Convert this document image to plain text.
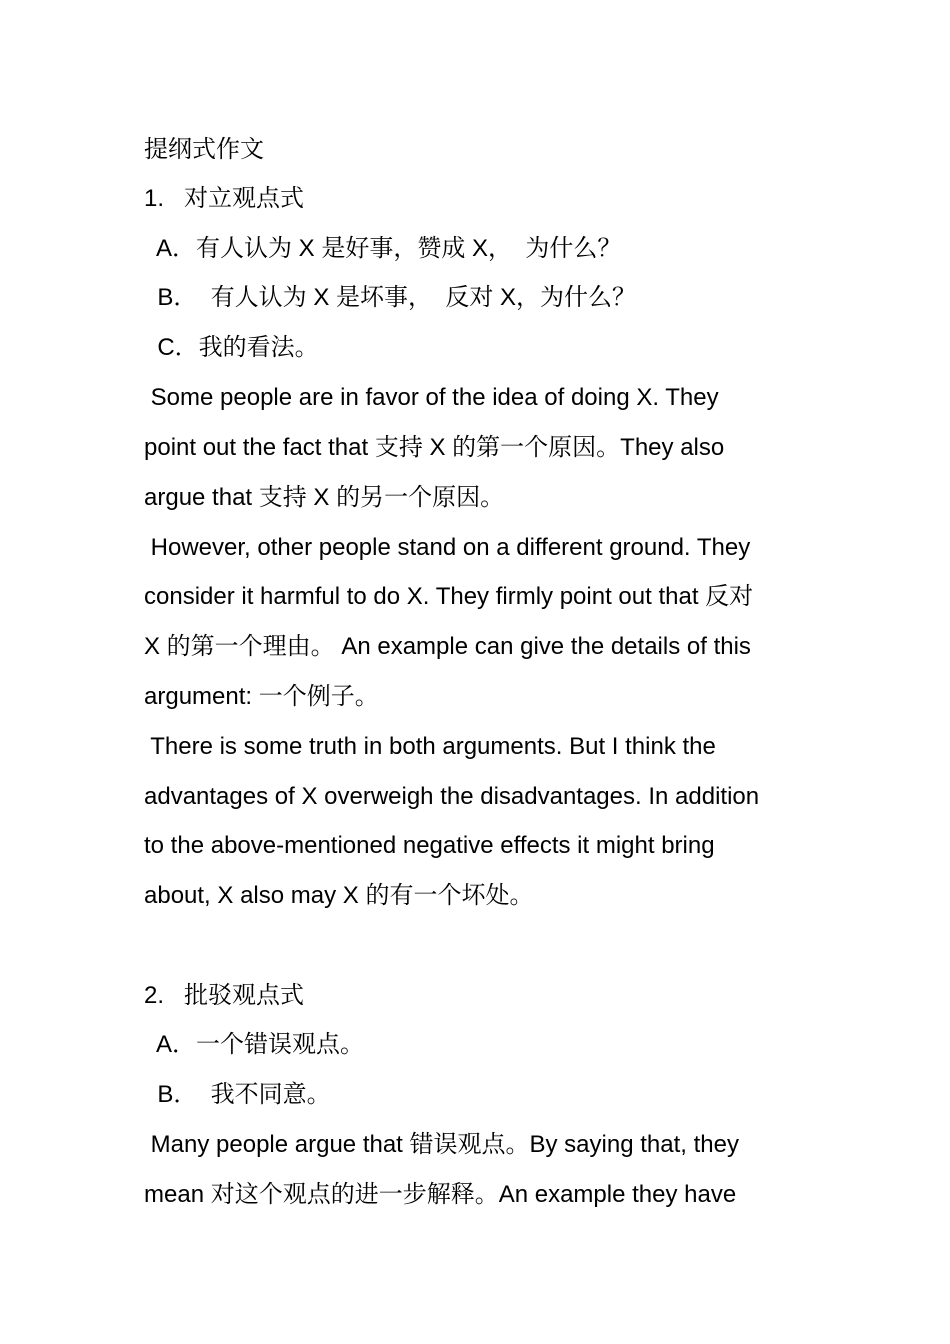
提纲式作文
1.   对立观点式
A．有人认为 X 是好事，赞成 X，  为什么？
B．  有人认为 X 是坏事，  反对 X，为什么？
C．我的看法。
Some people are in favor of the idea of doing X. They
point out the fact that 支持 X 的第一个原因。They also
argue that 支持 X 的另一个原因。
However, other people stand on a different ground. They
consider it harmful to do X. They firmly point out that 反对
X 的第一个理由。 An example can give the details of this
argument: 一个例子。
There is some truth in both arguments. But I think the
advantages of X overweigh the disadvantages. In addition
to the above-mentioned negative effects it might bring
about, X also may X 的有一个坏处。
2.   批驳观点式
A．一个错误观点。
B．  我不同意。
Many people argue that 错误观点。By saying that, they
mean 对这个观点的进一步解释。An example they have
